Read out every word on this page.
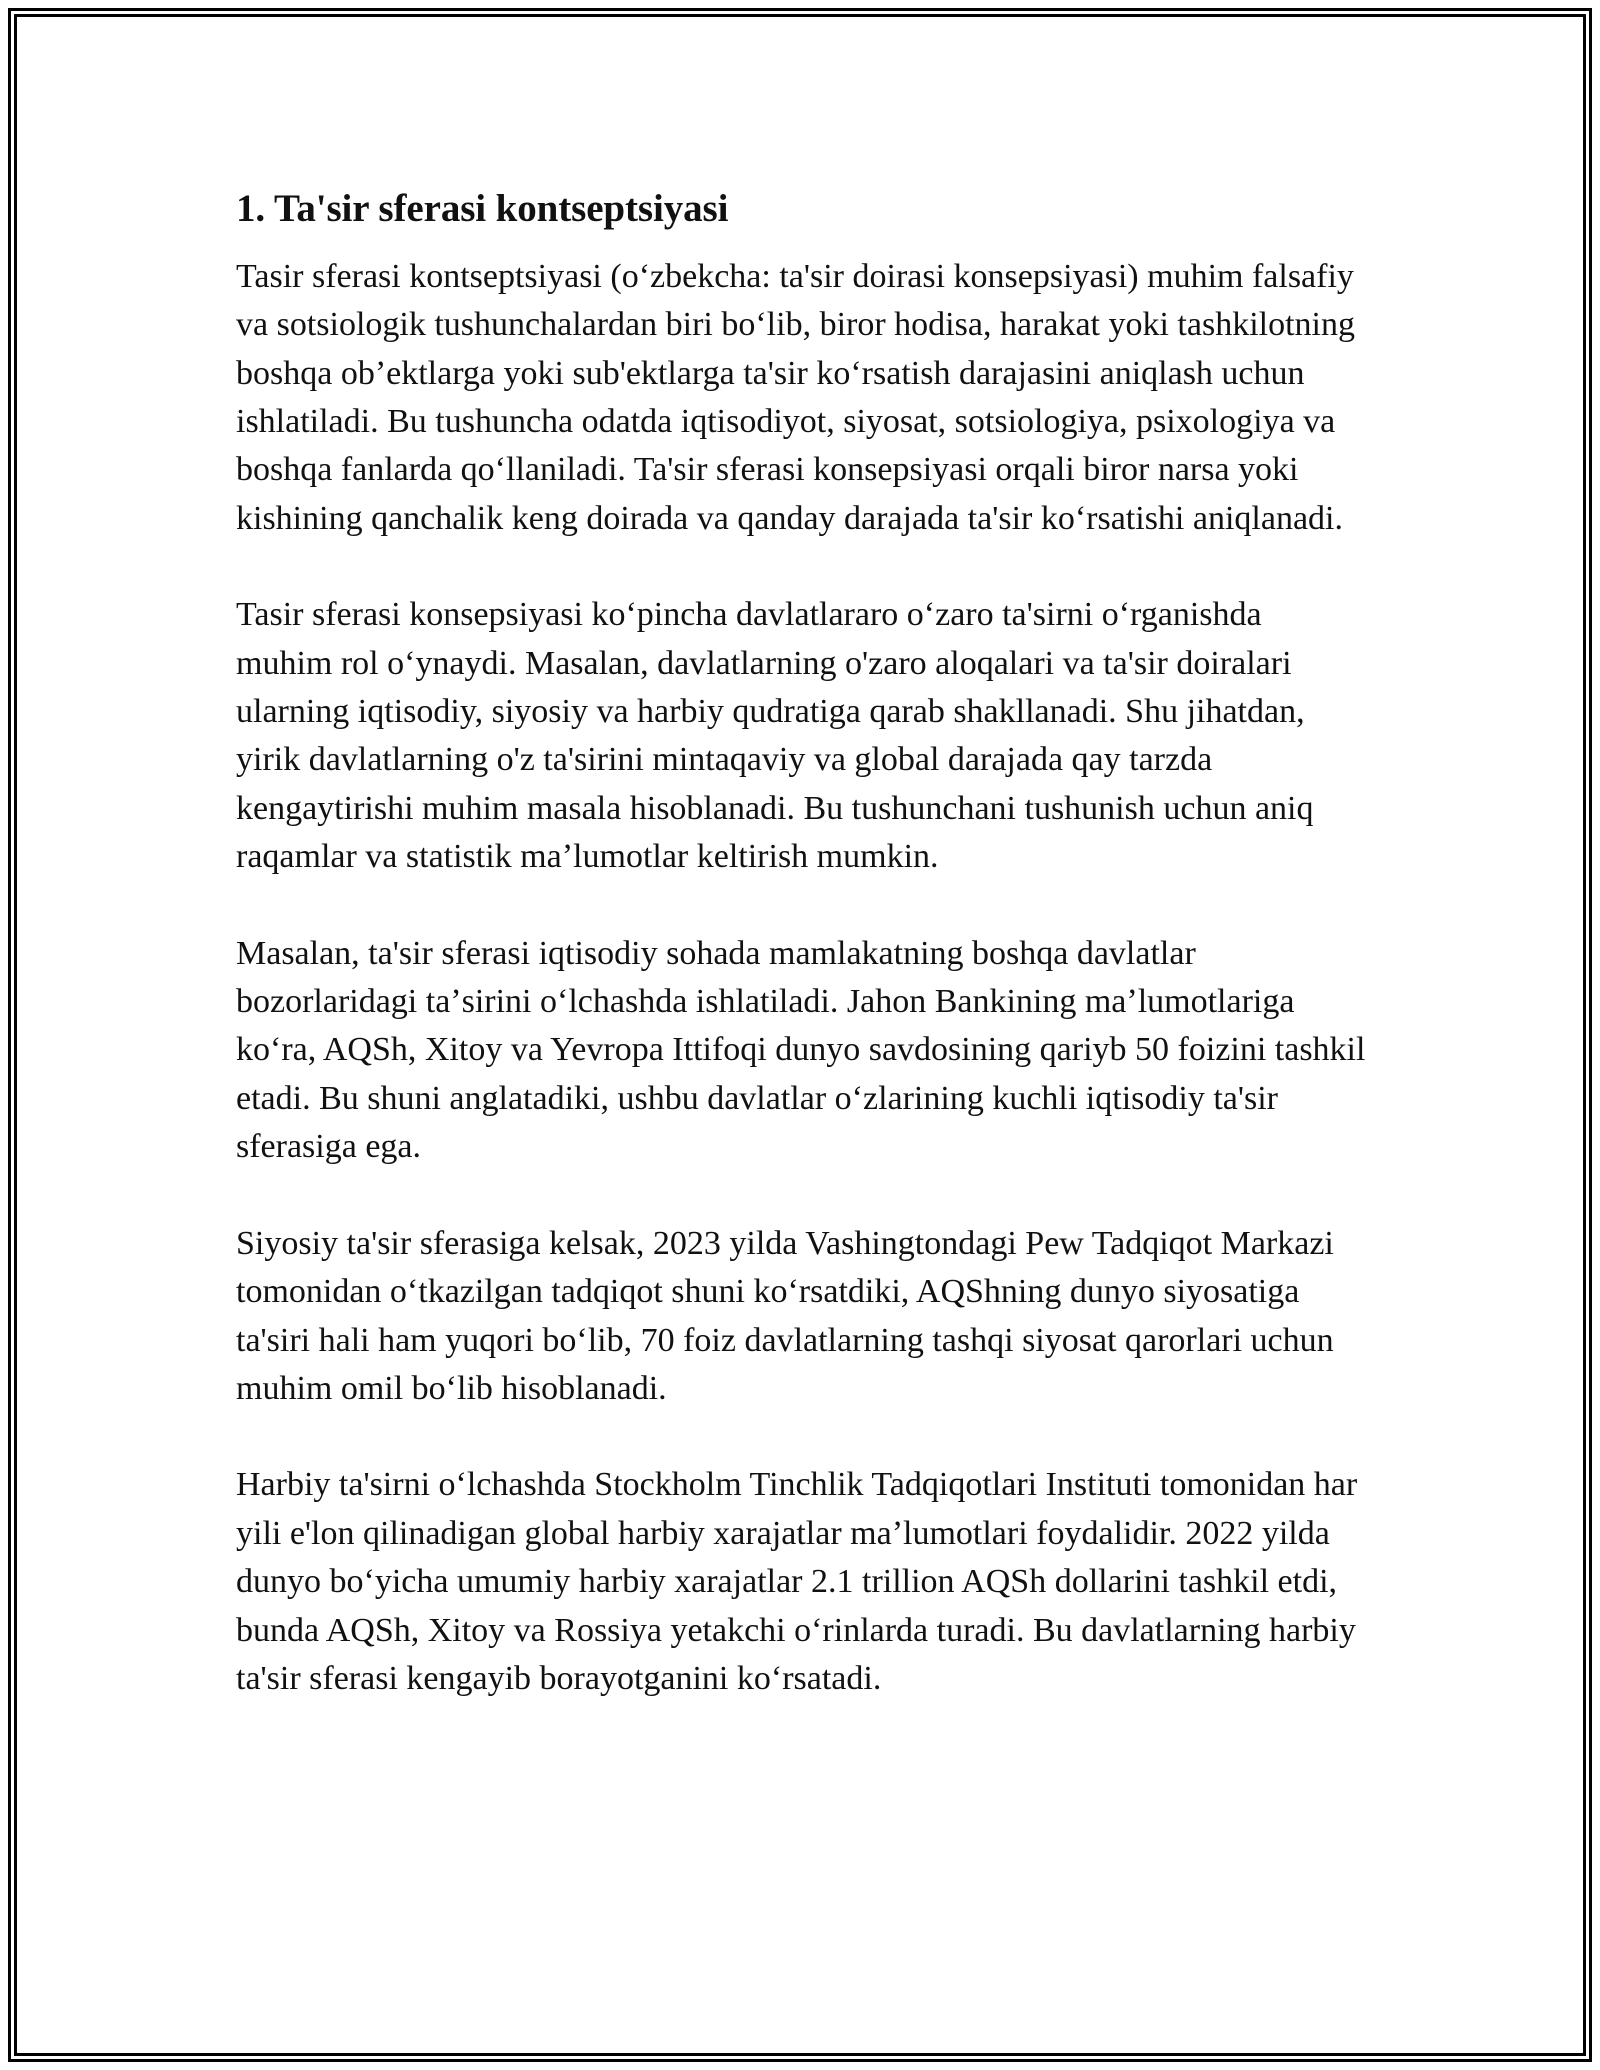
1. Ta'sir sferasi kontseptsiyasi

Tasir sferasi kontseptsiyasi (oʻzbekcha: ta'sir doirasi konsepsiyasi) muhim falsafiy va sotsiologik tushunchalardan biri boʻlib, biror hodisa, harakat yoki tashkilotning boshqa obʼektlarga yoki sub'ektlarga ta'sir koʻrsatish darajasini aniqlash uchun ishlatiladi. Bu tushuncha odatda iqtisodiyot, siyosat, sotsiologiya, psixologiya va boshqa fanlarda qoʻllaniladi. Ta'sir sferasi konsepsiyasi orqali biror narsa yoki kishining qanchalik keng doirada va qanday darajada ta'sir koʻrsatishi aniqlanadi.

Tasir sferasi konsepsiyasi koʻpincha davlatlararo oʻzaro ta'sirni oʻrganishda muhim rol oʻynaydi. Masalan, davlatlarning o'zaro aloqalari va ta'sir doiralari ularning iqtisodiy, siyosiy va harbiy qudratiga qarab shakllanadi. Shu jihatdan, yirik davlatlarning o'z ta'sirini mintaqaviy va global darajada qay tarzda kengaytirishi muhim masala hisoblanadi. Bu tushunchani tushunish uchun aniq raqamlar va statistik maʼlumotlar keltirish mumkin.

Masalan, ta'sir sferasi iqtisodiy sohada mamlakatning boshqa davlatlar bozorlaridagi taʼsirini oʻlchashda ishlatiladi. Jahon Bankining maʼlumotlariga koʻra, AQSh, Xitoy va Yevropa Ittifoqi dunyo savdosining qariyb 50 foizini tashkil etadi. Bu shuni anglatadiki, ushbu davlatlar oʻzlarining kuchli iqtisodiy ta'sir sferasiga ega.

Siyosiy ta'sir sferasiga kelsak, 2023 yilda Vashingtondagi Pew Tadqiqot Markazi tomonidan oʻtkazilgan tadqiqot shuni koʻrsatdiki, AQShning dunyo siyosatiga ta'siri hali ham yuqori boʻlib, 70 foiz davlatlarning tashqi siyosat qarorlari uchun muhim omil boʻlib hisoblanadi.

Harbiy ta'sirni oʻlchashda Stockholm Tinchlik Tadqiqotlari Instituti tomonidan har yili e'lon qilinadigan global harbiy xarajatlar maʼlumotlari foydalidir. 2022 yilda dunyo boʻyicha umumiy harbiy xarajatlar 2.1 trillion AQSh dollarini tashkil etdi, bunda AQSh, Xitoy va Rossiya yetakchi oʻrinlarda turadi. Bu davlatlarning harbiy ta'sir sferasi kengayib borayotganini koʻrsatadi.
